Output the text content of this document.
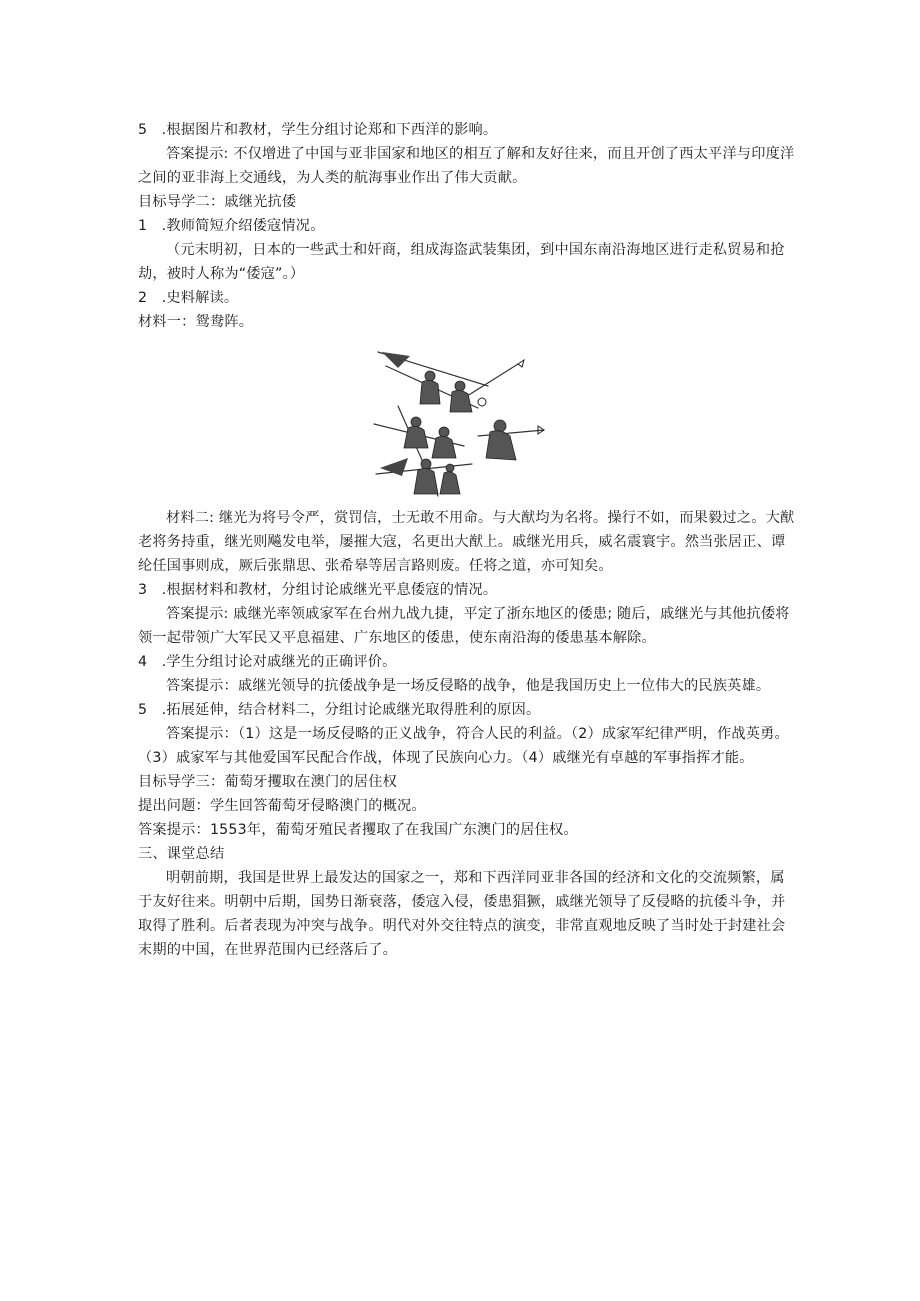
5　.根据图片和教材，学生分组讨论郑和下西洋的影响。
答案提示: 不仅增进了中国与亚非国家和地区的相互了解和友好往来，而且开创了西太平洋与印度洋之间的亚非海上交通线，为人类的航海事业作出了伟大贡献。
目标导学二：戚继光抗倭
1　.教师简短介绍倭寇情况。
（元末明初，日本的一些武士和奸商，组成海盗武装集团，到中国东南沿海地区进行走私贸易和抢劫，被时人称为“倭寇”。）
2　.史料解读。
材料一：鸳鸯阵。
材料二: 继光为将号令严，赏罚信，士无敢不用命。与大猷均为名将。操行不如，而果毅过之。大猷老将务持重，继光则飚发电举，屡摧大寇，名更出大猷上。戚继光用兵，威名震寰宇。然当张居正、谭纶任国事则成，厥后张鼎思、张希皋等居言路则废。任将之道，亦可知矣。
3　.根据材料和教材，分组讨论戚继光平息倭寇的情况。
答案提示: 戚继光率领戚家军在台州九战九捷，平定了浙东地区的倭患; 随后，戚继光与其他抗倭将领一起带领广大军民又平息福建、广东地区的倭患，使东南沿海的倭患基本解除。
4　.学生分组讨论对戚继光的正确评价。
答案提示：戚继光领导的抗倭战争是一场反侵略的战争，他是我国历史上一位伟大的民族英雄。
5　.拓展延伸，结合材料二，分组讨论戚继光取得胜利的原因。
答案提示：（1）这是一场反侵略的正义战争，符合人民的利益。（2）成家军纪律严明，作战英勇。（3）戚家军与其他爱国军民配合作战，体现了民族向心力。（4）戚继光有卓越的军事指挥才能。
目标导学三：葡萄牙攫取在澳门的居住权
提出问题：学生回答葡萄牙侵略澳门的概况。
答案提示：1553年，葡萄牙殖民者攫取了在我国广东澳门的居住权。
三、课堂总结
明朝前期，我国是世界上最发达的国家之一，郑和下西洋同亚非各国的经济和文化的交流频繁，属于友好往来。明朝中后期，国势日渐衰落，倭寇入侵，倭患猖獗，戚继光领导了反侵略的抗倭斗争，并取得了胜利。后者表现为冲突与战争。明代对外交往特点的演变，非常直观地反映了当时处于封建社会末期的中国，在世界范围内已经落后了。
